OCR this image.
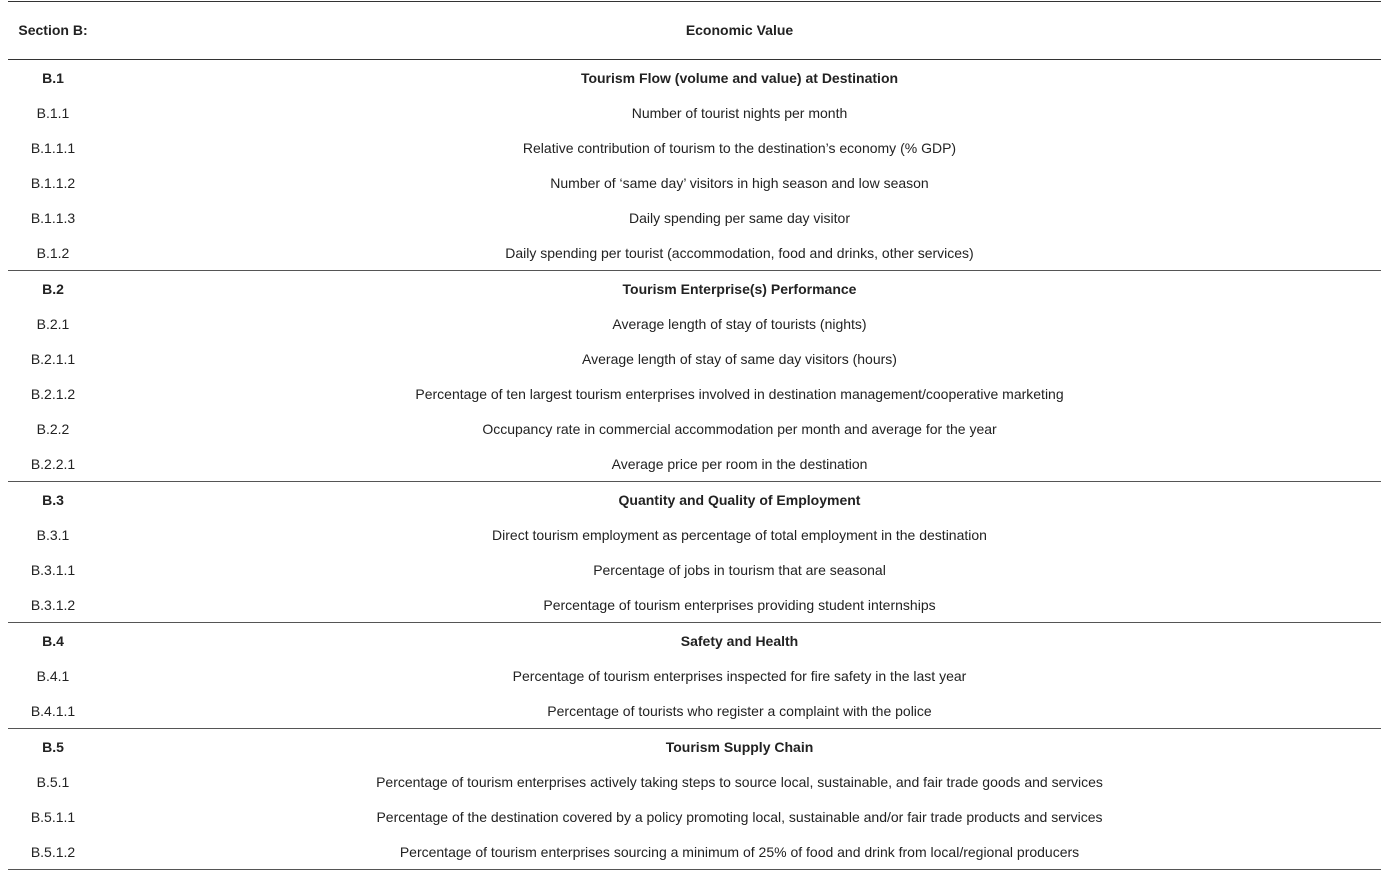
Section B:	Economic Value
B.1	Tourism Flow (volume and value) at Destination
B.1.1	Number of tourist nights per month
B.1.1.1	Relative contribution of tourism to the destination’s economy (% GDP)
B.1.1.2	Number of ‘same day’ visitors in high season and low season
B.1.1.3	Daily spending per same day visitor
B.1.2	Daily spending per tourist (accommodation, food and drinks, other services)
B.2	Tourism Enterprise(s) Performance
B.2.1	Average length of stay of tourists (nights)
B.2.1.1	Average length of stay of same day visitors (hours)
B.2.1.2	Percentage of ten largest tourism enterprises involved in destination management/cooperative marketing
B.2.2	Occupancy rate in commercial accommodation per month and average for the year
B.2.2.1	Average price per room in the destination
B.3	Quantity and Quality of Employment
B.3.1	Direct tourism employment as percentage of total employment in the destination
B.3.1.1	Percentage of jobs in tourism that are seasonal
B.3.1.2	Percentage of tourism enterprises providing student internships
B.4	Safety and Health
B.4.1	Percentage of tourism enterprises inspected for fire safety in the last year
B.4.1.1	Percentage of tourists who register a complaint with the police
B.5	Tourism Supply Chain
B.5.1	Percentage of tourism enterprises actively taking steps to source local, sustainable, and fair trade goods and services
B.5.1.1	Percentage of the destination covered by a policy promoting local, sustainable and/or fair trade products and services
B.5.1.2	Percentage of tourism enterprises sourcing a minimum of 25% of food and drink from local/regional producers
